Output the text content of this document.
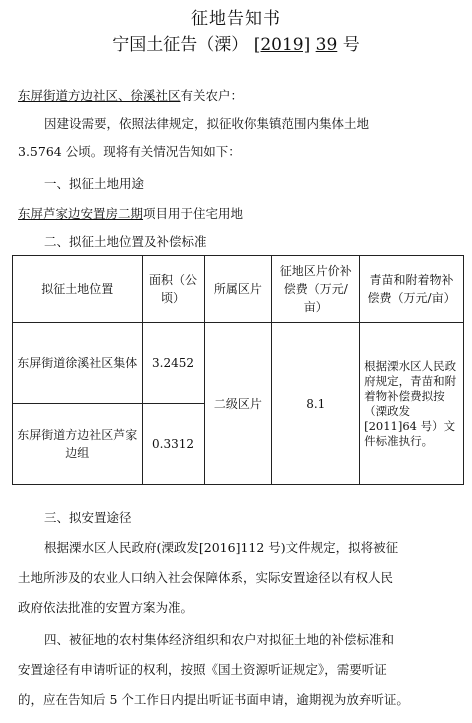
征地告知书
宁国土征告（溧） [2019] 39 号
东屏街道方边社区、徐溪社区有关农户：
因建设需要，依照法律规定，拟征收你集镇范围内集体土地
3.5764 公顷。现将有关情况告知如下：
一、拟征土地用途
东屏芦家边安置房二期项目用于住宅用地
二、拟征土地位置及补偿标准
拟征土地位置	面积（公顷）	所属区片	征地区片价补偿费（万元/亩）	青苗和附着物补偿费（万元/亩）
东屏街道徐溪社区集体	3.2452	二级区片	8.1	根据溧水区人民政府规定，青苗和附着物补偿费拟按（溧政发[2011]64 号）文件标准执行。
东屏街道方边社区芦家边组	0.3312			
三、拟安置途径
根据溧水区人民政府(溧政发[2016]112 号)文件规定，拟将被征
土地所涉及的农业人口纳入社会保障体系，实际安置途径以有权人民
政府依法批准的安置方案为准。
四、被征地的农村集体经济组织和农户对拟征土地的补偿标准和
安置途径有申请听证的权利，按照《国土资源听证规定》，需要听证
的，应在告知后 5 个工作日内提出听证书面申请，逾期视为放弃听证。
